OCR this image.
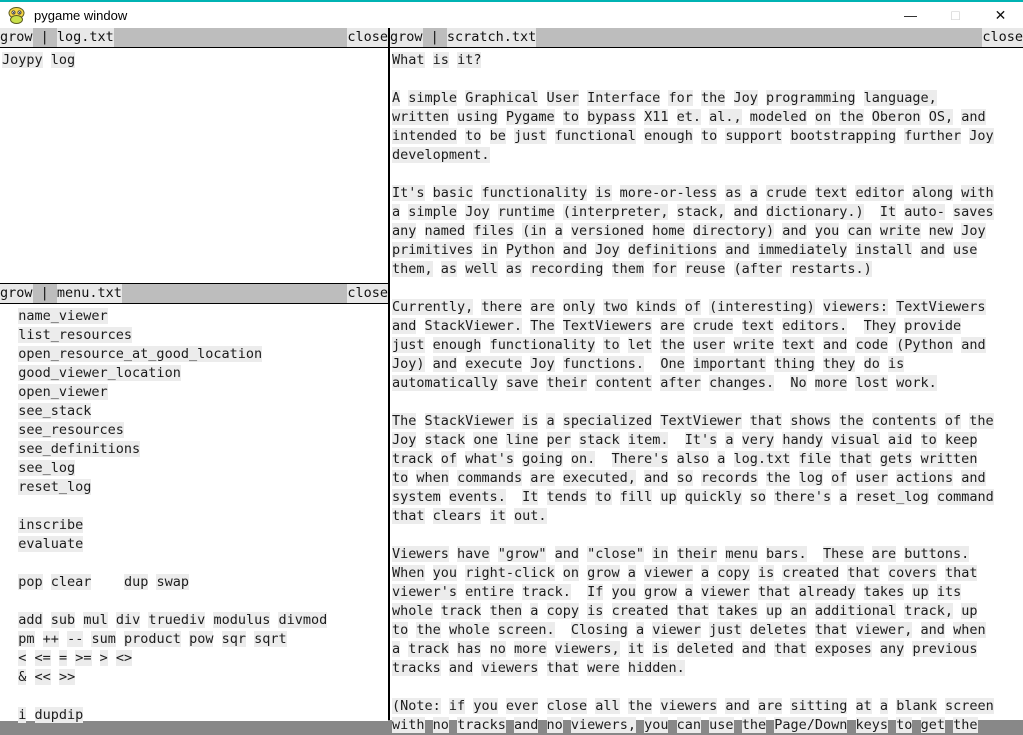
pygame window	—	□	✕
grow | log.txt	close
Joypy log
grow | menu.txt	close
name_viewer
list_resources
open_resource_at_good_location
good_viewer_location
open_viewer
see_stack
see_resources
see_definitions
see_log
reset_log

inscribe
evaluate

pop clear dup swap

add sub mul div truediv modulus divmod
pm ++ -- sum product pow sqr sqrt
< <= = >= > <>
& << >>

i dupdip
grow | scratch.txt	close
What is it?

A simple Graphical User Interface for the Joy programming language,
written using Pygame to bypass X11 et. al., modeled on the Oberon OS, and
intended to be just functional enough to support bootstrapping further Joy
development.

It's basic functionality is more-or-less as a crude text editor along with
a simple Joy runtime (interpreter, stack, and dictionary.) It auto- saves
any named files (in a versioned home directory) and you can write new Joy
primitives in Python and Joy definitions and immediately install and use
them, as well as recording them for reuse (after restarts.)

Currently, there are only two kinds of (interesting) viewers: TextViewers
and StackViewer. The TextViewers are crude text editors. They provide
just enough functionality to let the user write text and code (Python and
Joy) and execute Joy functions. One important thing they do is
automatically save their content after changes. No more lost work.

The StackViewer is a specialized TextViewer that shows the contents of the
Joy stack one line per stack item. It's a very handy visual aid to keep
track of what's going on. There's also a log.txt file that gets written
to when commands are executed, and so records the log of user actions and
system events. It tends to fill up quickly so there's a reset_log command
that clears it out.

Viewers have "grow" and "close" in their menu bars. These are buttons.
When you right-click on grow a viewer a copy is created that covers that
viewer's entire track. If you grow a viewer that already takes up its
whole track then a copy is created that takes up an additional track, up
to the whole screen. Closing a viewer just deletes that viewer, and when
a track has no more viewers, it is deleted and that exposes any previous
tracks and viewers that were hidden.

(Note: if you ever close all the viewers and are sitting at a blank screen
with no tracks and no viewers, you can use the Page/Down keys to get the
